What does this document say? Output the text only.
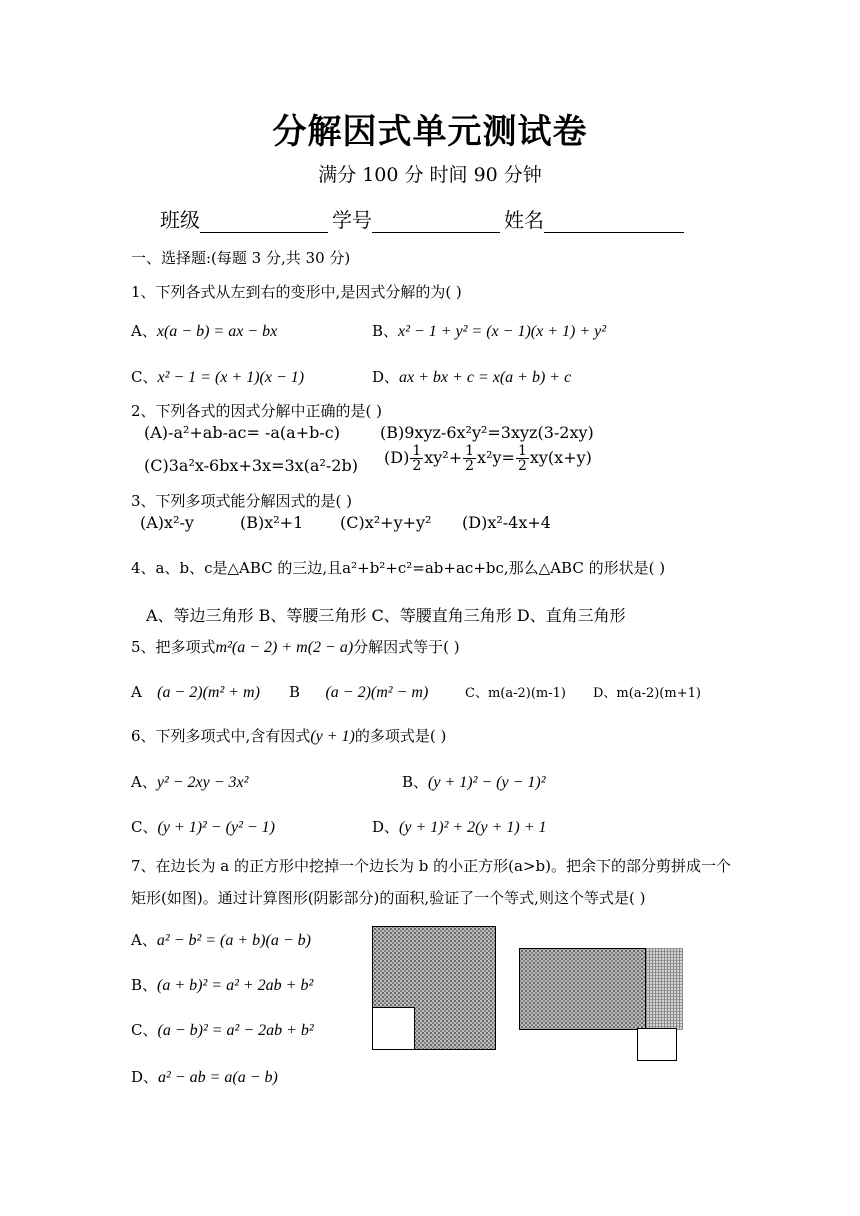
分解因式单元测试卷
满分 100 分 时间 90 分钟
班级	学号	姓名
一、选择题:(每题 3 分,共 30 分)
1、下列各式从左到右的变形中,是因式分解的为( )
A、x(a − b) = ax − bx	B、x² − 1 + y² = (x − 1)(x + 1) + y²
C、x² − 1 = (x + 1)(x − 1)	D、ax + bx + c = x(a + b) + c
2、下列各式的因式分解中正确的是( )
(A)-a²+ab-ac= -a(a+b-c)	(B)9xyz-6x²y²=3xyz(3-2xy)
(C)3a²x-6bx+3x=3x(a²-2b) $(D) \frac{1}{2} xy^2+ \frac{1}{2} x^2y= \frac{1}{2} xy(x+y)$
3、下列多项式能分解因式的是( )
(A)x²-y	(B)x²+1 (C)x²+y+y² (D)x²-4x+4
4、a、b、c是△ABC 的三边,且a²+b²+c²=ab+ac+bc,那么△ABC 的形状是( )
A、等边三角形 B、等腰三角形 C、等腰直角三角形 D、直角三角形
5、把多项式m²(a − 2) + m(2 − a)分解因式等于( )
A (a − 2)(m² + m) B (a − 2)(m² − m)	C、m(a-2)(m-1) D、m(a-2)(m+1)
6、下列多项式中,含有因式(y + 1)的多项式是( )
A、y² − 2xy − 3x²	B、(y + 1)² − (y − 1)²
C、(y + 1)² − (y² − 1)	D、(y + 1)² + 2(y + 1) + 1
7、在边长为 a 的正方形中挖掉一个边长为 b 的小正方形(a>b)。把余下的部分剪拼成一个
矩形(如图)。通过计算图形(阴影部分)的面积,验证了一个等式,则这个等式是( )
A、a² − b² = (a + b)(a − b)
B、(a + b)² = a² + 2ab + b²
C、(a − b)² = a² − 2ab + b²
D、a² − ab = a(a − b)
